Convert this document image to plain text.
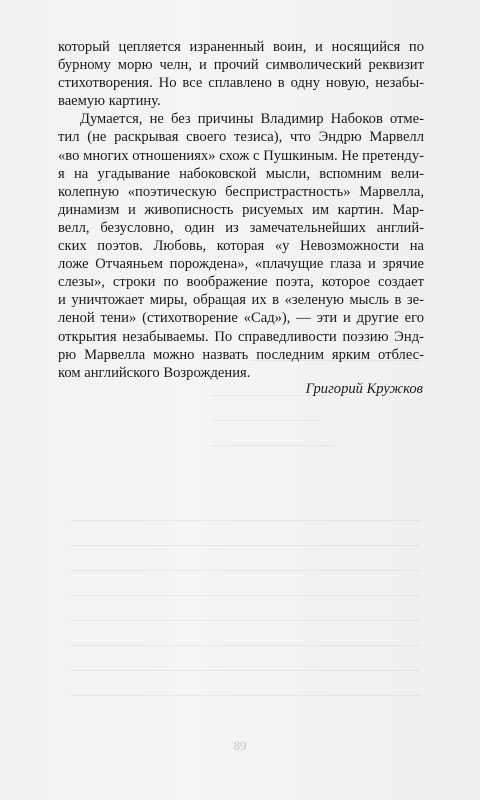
который цепляется израненный воин, и носящийся по
бурному морю челн, и прочий символический реквизит
стихотворения. Но все сплавлено в одну новую, незабы-
ваемую картину.
Думается, не без причины Владимир Набоков отме-
тил (не раскрывая своего тезиса), что Эндрю Марвелл
«во многих отношениях» схож с Пушкиным. Не претенду-
я на угадывание набоковской мысли, вспомним вели-
колепную «поэтическую беспристрастность» Марвелла,
динамизм и живописность рисуемых им картин. Мар-
велл, безусловно, один из замечательнейших англий-
ских поэтов. Любовь, которая «у Невозможности на
ложе Отчаяньем порождена», «плачущие глаза и зрячие
слезы», строки по воображение поэта, которое создает
и уничтожает миры, обращая их в «зеленую мысль в зе-
леной тени» (стихотворение «Сад»), — эти и другие его
открытия незабываемы. По справедливости поэзию Энд-
рю Марвелла можно назвать последним ярким отблес-
ком английского Возрождения.
Григорий Кружков
89
